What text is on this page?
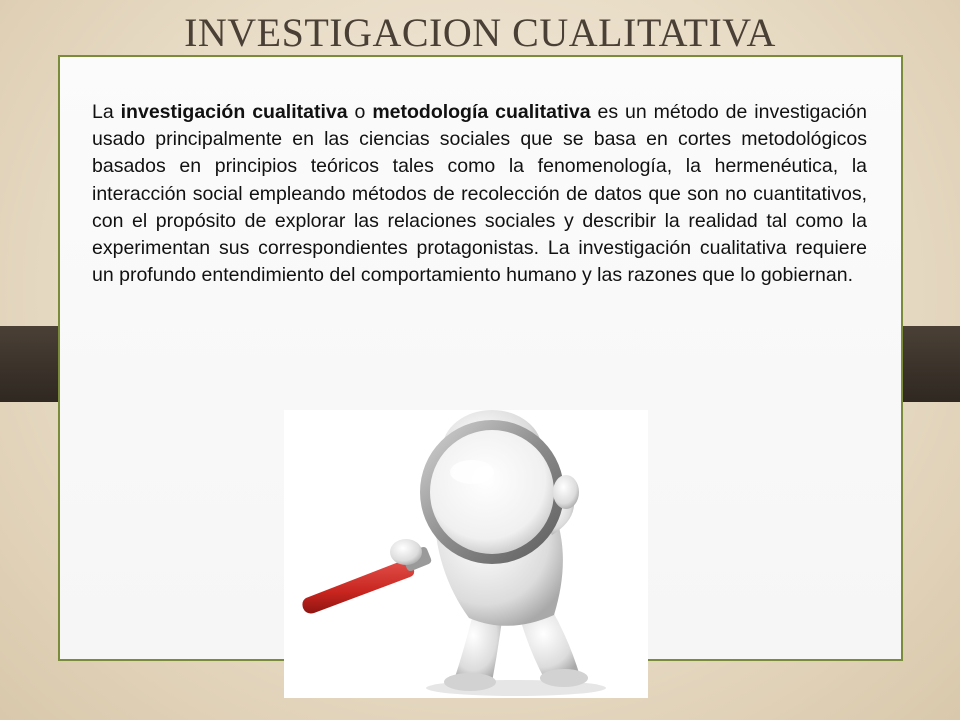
INVESTIGACION CUALITATIVA

La investigación cualitativa o metodología cualitativa es un método de investigación usado principalmente en las ciencias sociales que se basa en cortes metodológicos basados en principios teóricos tales como la fenomenología, la hermenéutica, la interacción social empleando métodos de recolección de datos que son no cuantitativos, con el propósito de explorar las relaciones sociales y describir la realidad tal como la experimentan sus correspondientes protagonistas. La investigación cualitativa requiere un profundo entendimiento del comportamiento humano y las razones que lo gobiernan.
